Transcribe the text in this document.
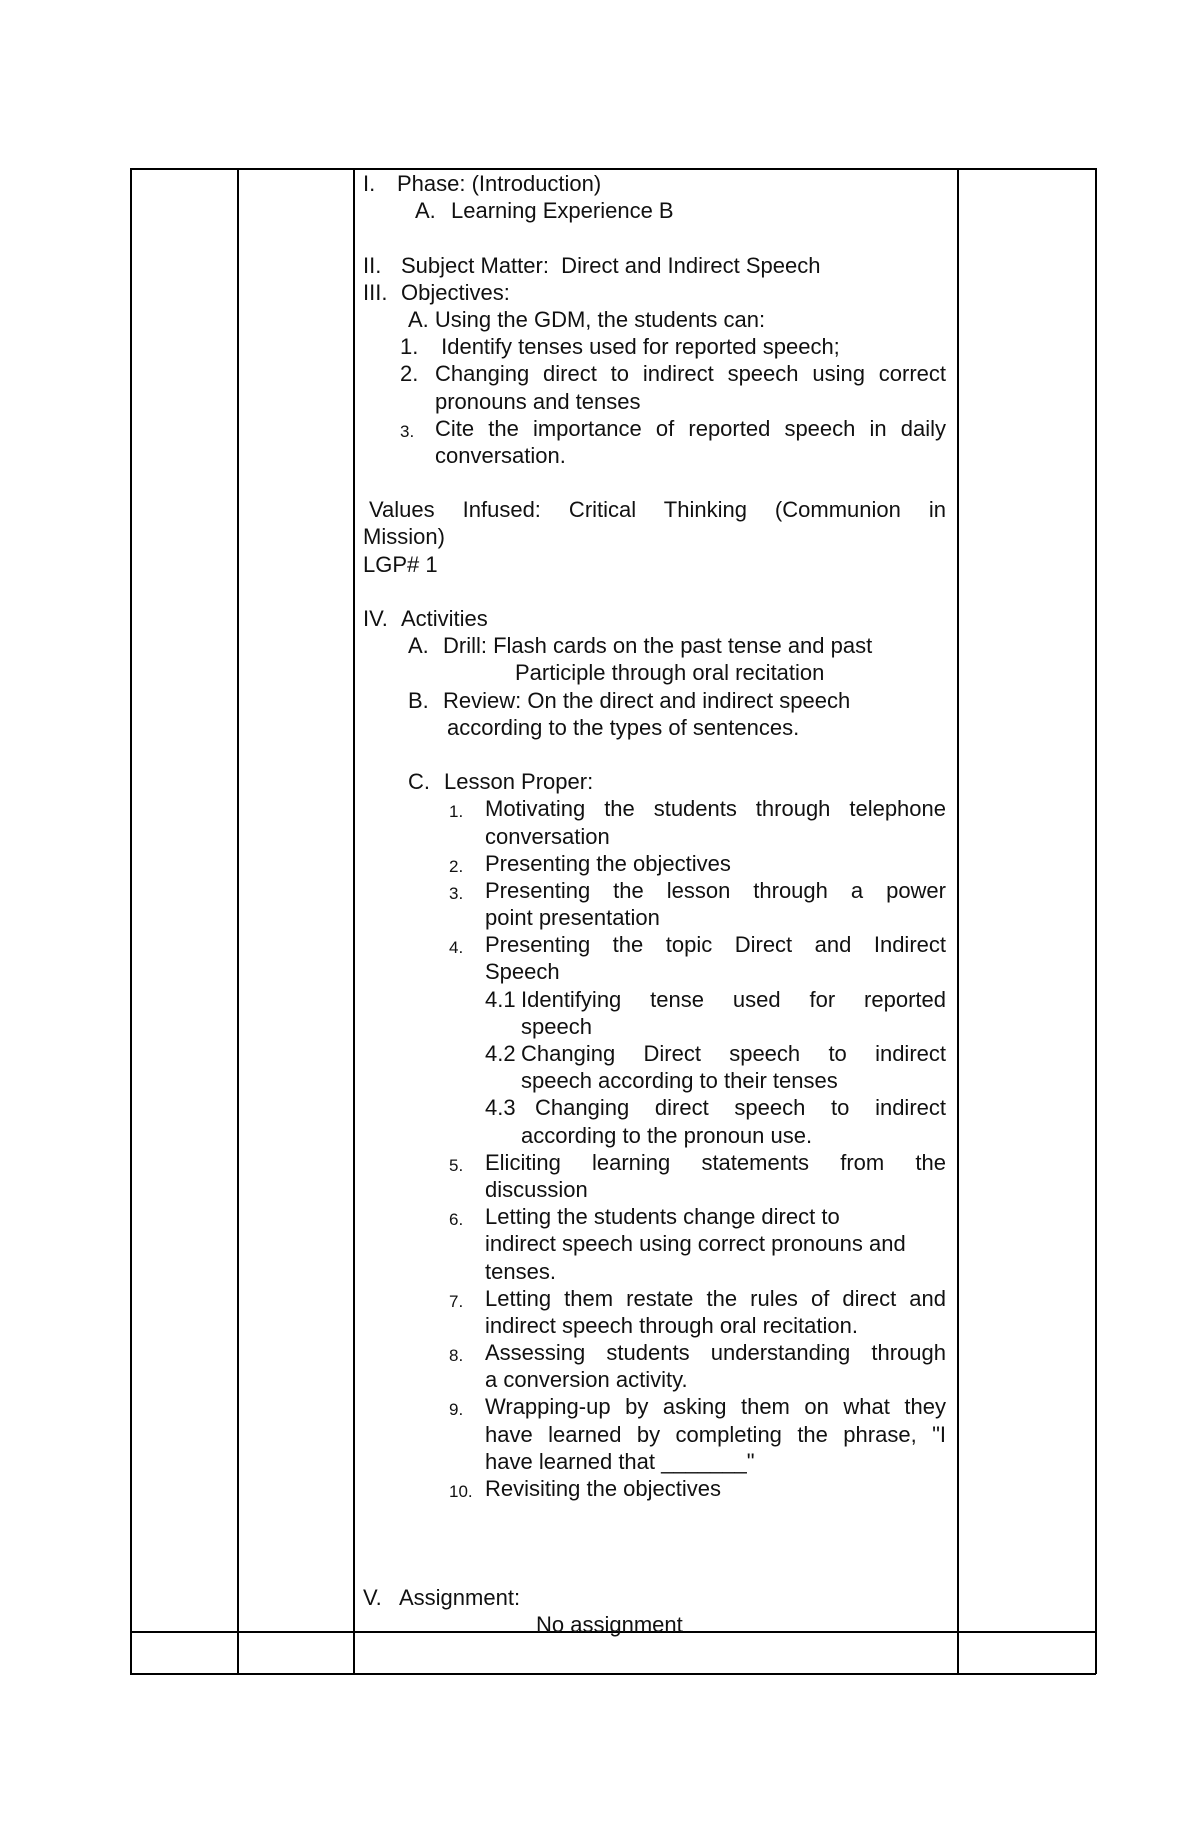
I. Phase: (Introduction)
A. Learning Experience B
II. Subject Matter:  Direct and Indirect Speech
III. Objectives:
A. Using the GDM, the students can:
1. Identify tenses used for reported speech;
2. Changing direct to indirect speech using correct
pronouns and tenses
3. Cite the importance of reported speech in daily
conversation.
Values Infused: Critical Thinking (Communion in
Mission)
LGP# 1
IV. Activities
A. Drill: Flash cards on the past tense and past
Participle through oral recitation
B. Review: On the direct and indirect speech
according to the types of sentences.
C. Lesson Proper:
1. Motivating the students through telephone
conversation
2. Presenting the objectives
3. Presenting the lesson through a power
point presentation
4. Presenting the topic Direct and Indirect
Speech
4.1 Identifying tense used for reported
speech
4.2 Changing Direct speech to indirect
speech according to their tenses
4.3 Changing direct speech to indirect
according to the pronoun use.
5. Eliciting learning statements from the
discussion
6. Letting the students change direct to
indirect speech using correct pronouns and
tenses.
7. Letting them restate the rules of direct and
indirect speech through oral recitation.
8. Assessing students understanding through
a conversion activity.
9. Wrapping-up by asking them on what they
have learned by completing the phrase, "I
have learned that _______"
10. Revisiting the objectives
V. Assignment:
No assignment
